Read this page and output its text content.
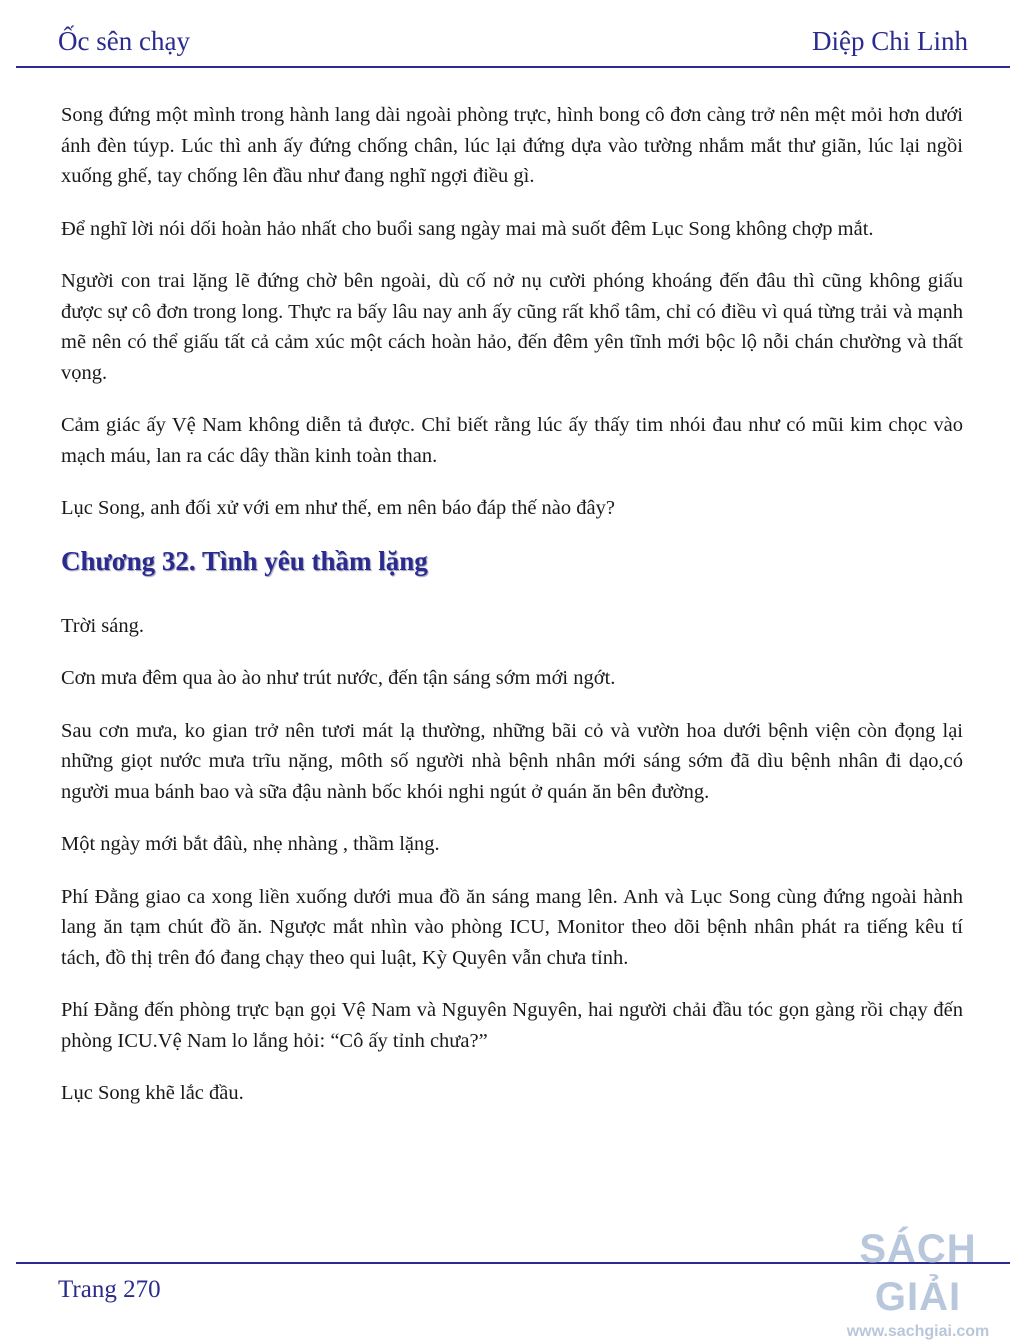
Ốc sên chạy	Diệp Chi Linh

Song đứng một mình trong hành lang dài ngoài phòng trực, hình bong cô đơn càng trở nên mệt mỏi hơn dưới ánh đèn túyp. Lúc thì anh ấy đứng chống chân, lúc lại đứng dựa vào tường nhắm mắt thư giãn, lúc lại ngồi xuống ghế, tay chống lên đầu như đang nghĩ ngợi điều gì.

Để nghĩ lời nói dối hoàn hảo nhất cho buổi sang ngày mai mà suốt đêm Lục Song không chợp mắt.

Người con trai lặng lẽ đứng chờ bên ngoài, dù cố nở nụ cười phóng khoáng đến đâu thì cũng không giấu được sự cô đơn trong long. Thực ra bấy lâu nay anh ấy cũng rất khổ tâm, chỉ có điều vì quá từng trải và mạnh mẽ nên có thể giấu tất cả cảm xúc một cách hoàn hảo, đến đêm yên tĩnh mới bộc lộ nỗi chán chường và thất vọng.

Cảm giác ấy Vệ Nam không diễn tả được. Chỉ biết rằng lúc ấy thấy tim nhói đau như có mũi kim chọc vào mạch máu, lan ra các dây thần kinh toàn than.

Lục Song, anh đối xử với em như thế, em nên báo đáp thế nào đây?

Chương 32. Tình yêu thầm lặng

Trời sáng.

Cơn mưa đêm qua ào ào như trút nước, đến tận sáng sớm mới ngớt.

Sau cơn mưa, ko gian trở nên tươi mát lạ thường, những bãi cỏ và vườn hoa dưới bệnh viện còn đọng lại những giọt nước mưa trĩu nặng, môth số người nhà bệnh nhân mới sáng sớm đã dìu bệnh nhân đi dạo,có người mua bánh bao và sữa đậu nành bốc khói nghi ngút ở quán ăn bên đường.

Một ngày mới bắt đâù, nhẹ nhàng , thầm lặng.

Phí Đằng giao ca xong liền xuống dưới mua đồ ăn sáng mang lên. Anh và Lục Song cùng đứng ngoài hành lang ăn tạm chút đồ ăn. Ngược mắt nhìn vào phòng ICU, Monitor theo dõi bệnh nhân phát ra tiếng kêu tí tách, đồ thị trên đó đang chạy theo qui luật, Kỳ Quyên vẫn chưa tỉnh.

Phí Đằng đến phòng trực bạn gọi Vệ Nam và Nguyên Nguyên, hai người chải đầu tóc gọn gàng rồi chạy đến phòng ICU.Vệ Nam lo lắng hỏi: “Cô ấy tỉnh chưa?”

Lục Song khẽ lắc đầu.

Trang 270
SÁCH GIẢI
www.sachgiai.com
